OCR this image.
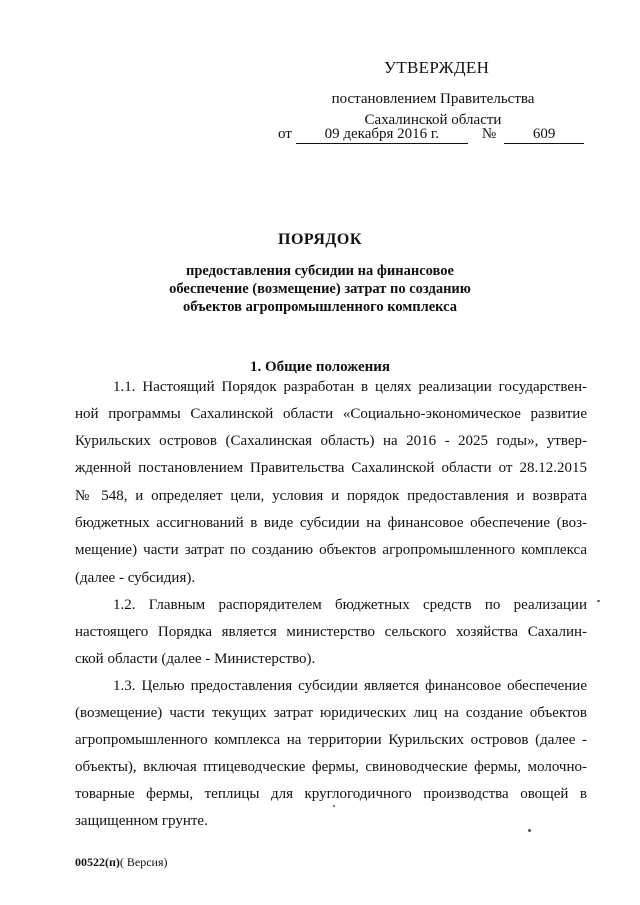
УТВЕРЖДЕН
постановлением Правительства
Сахалинской области
от 09 декабря 2016 г.	№ 609
ПОРЯДОК
предоставления субсидии на финансовое
обеспечение (возмещение) затрат по созданию
объектов агропромышленного комплекса
1. Общие положения
1.1. Настоящий Порядок разработан в целях реализации государствен-
ной программы Сахалинской области «Социально-экономическое развитие
Курильских островов (Сахалинская область) на 2016 - 2025 годы», утвер-
жденной постановлением Правительства Сахалинской области от 28.12.2015
№ 548, и определяет цели, условия и порядок предоставления и возврата
бюджетных ассигнований в виде субсидии на финансовое обеспечение (воз-
мещение) части затрат по созданию объектов агропромышленного комплекса
(далее - субсидия).
1.2. Главным распорядителем бюджетных средств по реализации
настоящего Порядка является министерство сельского хозяйства Сахалин-
ской области (далее - Министерство).
1.3. Целью предоставления субсидии является финансовое обеспечение
(возмещение) части текущих затрат юридических лиц на создание объектов
агропромышленного комплекса на территории Курильских островов (далее -
объекты), включая птицеводческие фермы, свиноводческие фермы, молочно-
товарные фермы, теплицы для круглогодичного производства овощей в
защищенном грунте.
00522(п)( Версия)
